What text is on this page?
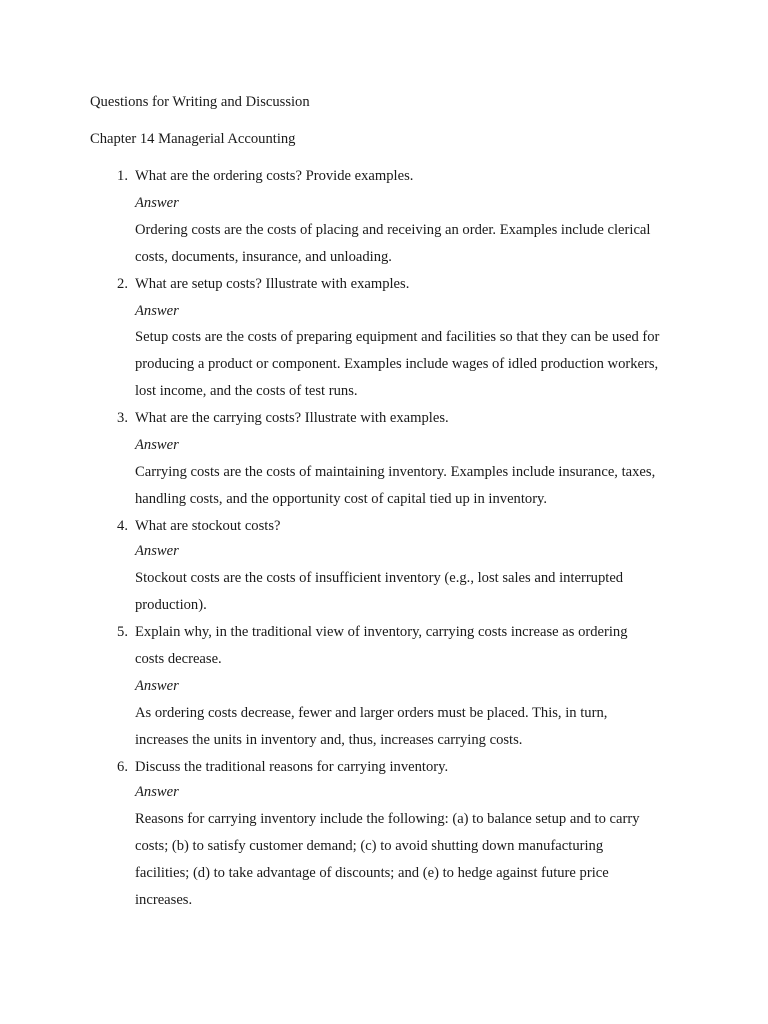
Questions for Writing and Discussion
Chapter 14 Managerial Accounting
1. What are the ordering costs? Provide examples.
Answer
Ordering costs are the costs of placing and receiving an order. Examples include clerical
costs, documents, insurance, and unloading.
2. What are setup costs? Illustrate with examples.
Answer
Setup costs are the costs of preparing equipment and facilities so that they can be used for
producing a product or component. Examples include wages of idled production workers,
lost income, and the costs of test runs.
3. What are the carrying costs? Illustrate with examples.
Answer
Carrying costs are the costs of maintaining inventory. Examples include insurance, taxes,
handling costs, and the opportunity cost of capital tied up in inventory.
4. What are stockout costs?
Answer
Stockout costs are the costs of insufficient inventory (e.g., lost sales and interrupted
production).
5. Explain why, in the traditional view of inventory, carrying costs increase as ordering
costs decrease.
Answer
As ordering costs decrease, fewer and larger orders must be placed. This, in turn,
increases the units in inventory and, thus, increases carrying costs.
6. Discuss the traditional reasons for carrying inventory.
Answer
Reasons for carrying inventory include the following: (a) to balance setup and to carry
costs; (b) to satisfy customer demand; (c) to avoid shutting down manufacturing
facilities; (d) to take advantage of discounts; and (e) to hedge against future price
increases.
